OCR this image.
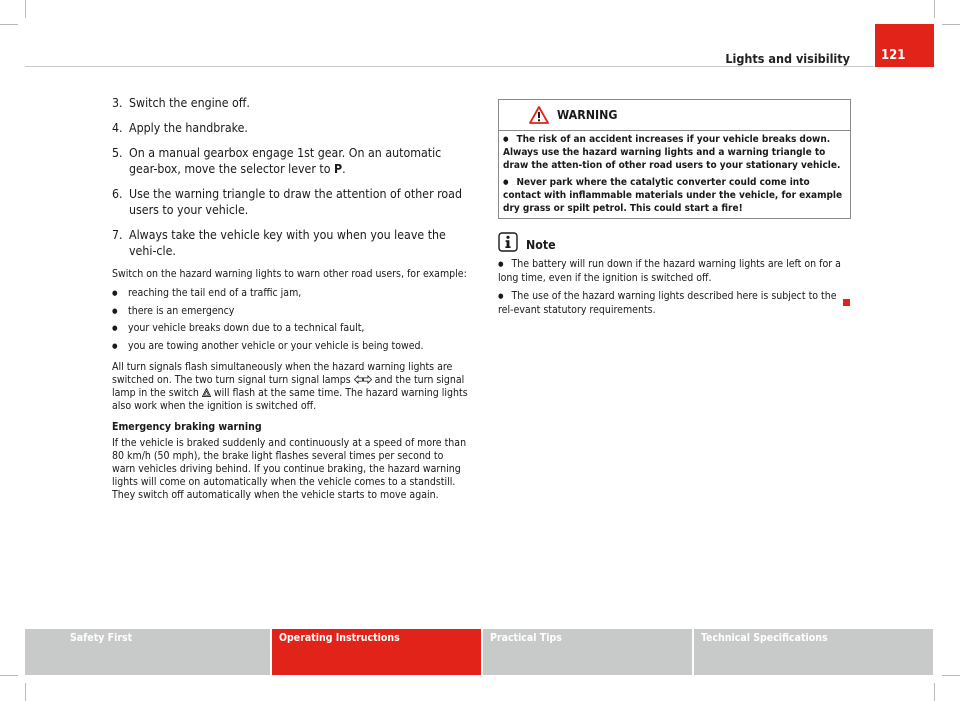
Lights and visibility	121
3. Switch the engine off.
4. Apply the handbrake.
5. On a manual gearbox engage 1st gear. On an automatic gear-box, move the selector lever to P.
6. Use the warning triangle to draw the attention of other road users to your vehicle.
7. Always take the vehicle key with you when you leave the vehi-cle.

Switch on the hazard warning lights to warn other road users, for example:

● reaching the tail end of a traffic jam,
● there is an emergency
● your vehicle breaks down due to a technical fault,
● you are towing another vehicle or your vehicle is being towed.

All turn signals flash simultaneously when the hazard warning lights are switched on. The two turn signal turn signal lamps  and the turn signal lamp in the switch  will flash at the same time. The hazard warning lights also work when the ignition is switched off.

Emergency braking warning

If the vehicle is braked suddenly and continuously at a speed of more than 80 km/h (50 mph), the brake light flashes several times per second to warn vehicles driving behind. If you continue braking, the hazard warning lights will come on automatically when the vehicle comes to a standstill. They switch off automatically when the vehicle starts to move again.

WARNING

● The risk of an accident increases if your vehicle breaks down. Always use the hazard warning lights and a warning triangle to draw the atten-tion of other road users to your stationary vehicle.

● Never park where the catalytic converter could come into contact with inflammable materials under the vehicle, for example dry grass or spilt petrol. This could start a fire!

Note

● The battery will run down if the hazard warning lights are left on for a long time, even if the ignition is switched off.

● The use of the hazard warning lights described here is subject to the rel-evant statutory requirements.

Safety First	Operating Instructions	Practical Tips	Technical Specifications
